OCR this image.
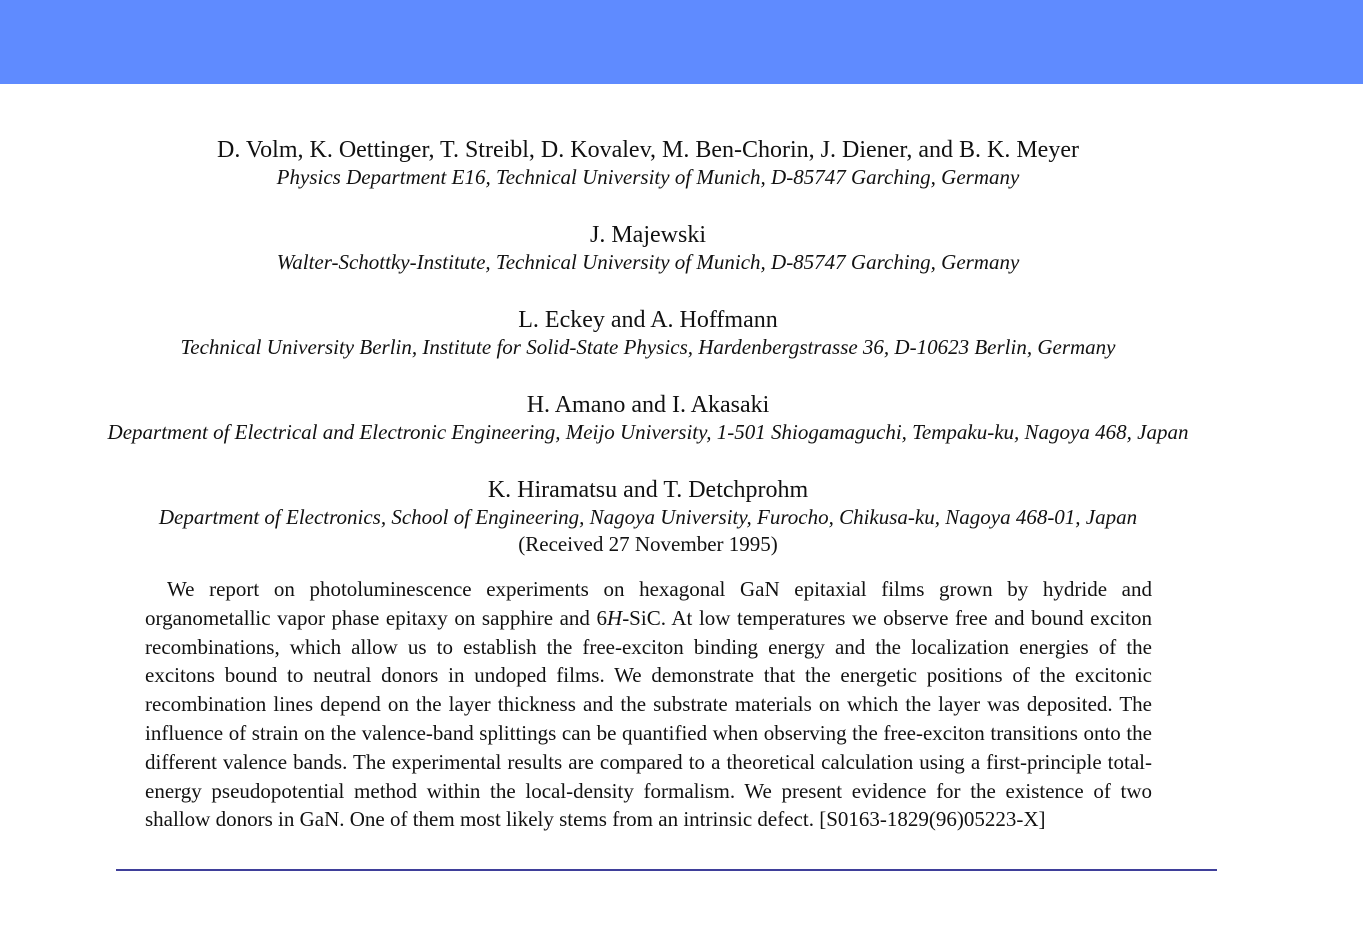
D. Volm, K. Oettinger, T. Streibl, D. Kovalev, M. Ben-Chorin, J. Diener, and B. K. Meyer
Physics Department E16, Technical University of Munich, D-85747 Garching, Germany
J. Majewski
Walter-Schottky-Institute, Technical University of Munich, D-85747 Garching, Germany
L. Eckey and A. Hoffmann
Technical University Berlin, Institute for Solid-State Physics, Hardenbergstrasse 36, D-10623 Berlin, Germany
H. Amano and I. Akasaki
Department of Electrical and Electronic Engineering, Meijo University, 1-501 Shiogamaguchi, Tempaku-ku, Nagoya 468, Japan
K. Hiramatsu and T. Detchprohm
Department of Electronics, School of Engineering, Nagoya University, Furocho, Chikusa-ku, Nagoya 468-01, Japan
(Received 27 November 1995)
We report on photoluminescence experiments on hexagonal GaN epitaxial films grown by hydride and organometallic vapor phase epitaxy on sapphire and 6H-SiC. At low temperatures we observe free and bound exciton recombinations, which allow us to establish the free-exciton binding energy and the localization energies of the excitons bound to neutral donors in undoped films. We demonstrate that the energetic positions of the excitonic recombination lines depend on the layer thickness and the substrate materials on which the layer was deposited. The influence of strain on the valence-band splittings can be quantified when observing the free-exciton transitions onto the different valence bands. The experimental results are compared to a theoretical calculation using a first-principle total-energy pseudopotential method within the local-density formalism. We present evidence for the existence of two shallow donors in GaN. One of them most likely stems from an intrinsic defect. [S0163-1829(96)05223-X]
